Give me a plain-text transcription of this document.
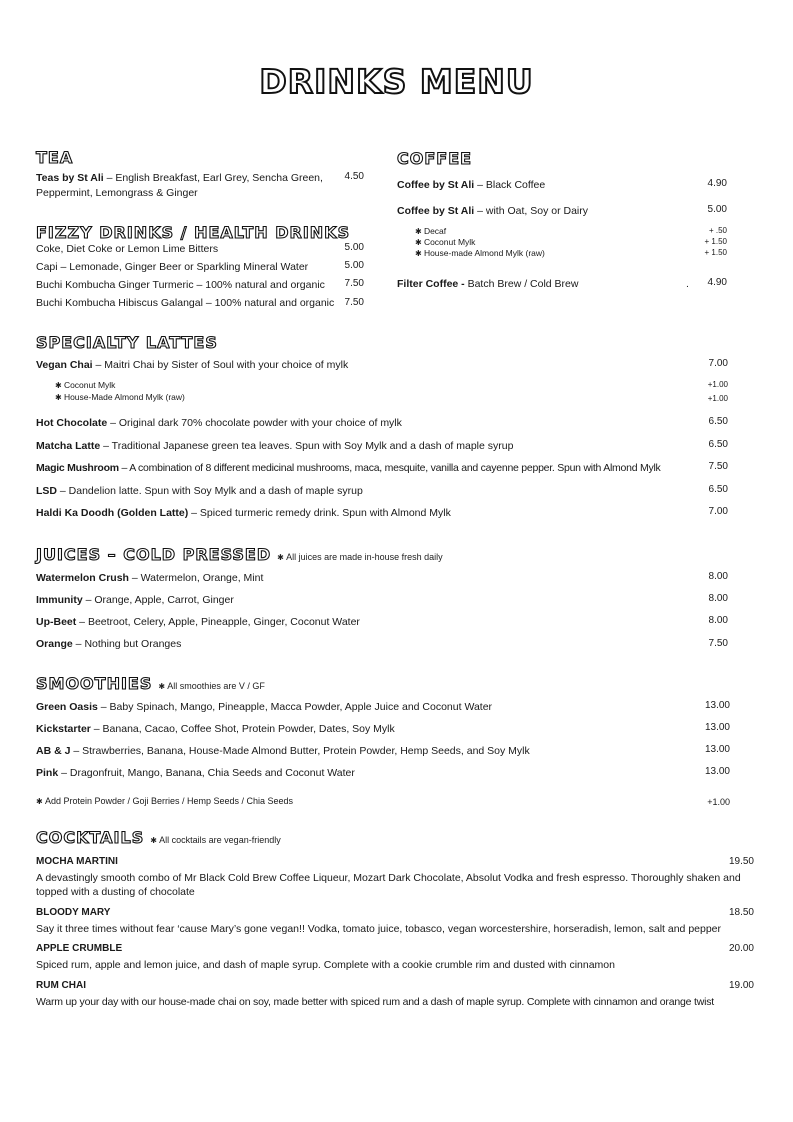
DRINKS MENU
TEA
Teas by St Ali – English Breakfast, Earl Grey, Sencha Green,
Peppermint, Lemongrass & Ginger
4.50
FIZZY DRINKS / HEALTH DRINKS
Coke, Diet Coke or Lemon Lime Bitters	5.00
Capi – Lemonade, Ginger Beer or Sparkling Mineral Water	5.00
Buchi Kombucha Ginger Turmeric – 100% natural and organic	7.50
Buchi Kombucha Hibiscus Galangal – 100% natural and organic	7.50
COFFEE
Coffee by St Ali – Black Coffee	4.90
Coffee by St Ali – with Oat, Soy or Dairy	5.00
✱ Decaf	+ .50
✱ Coconut Mylk	+ 1.50
✱ House-made Almond Mylk (raw)	+ 1.50
Filter Coffee - Batch Brew / Cold Brew	.	4.90
SPECIALTY LATTES
Vegan Chai – Maitri Chai by Sister of Soul with your choice of mylk	7.00
✱ Coconut Mylk	+1.00
✱ House-Made Almond Mylk (raw)	+1.00
Hot Chocolate – Original dark 70% chocolate powder with your choice of mylk	6.50
Matcha Latte – Traditional Japanese green tea leaves. Spun with Soy Mylk and a dash of maple syrup	6.50
Magic Mushroom – A combination of 8 different medicinal mushrooms, maca, mesquite, vanilla and cayenne pepper. Spun with Almond Mylk	7.50
LSD – Dandelion latte. Spun with Soy Mylk and a dash of maple syrup	6.50
Haldi Ka Doodh (Golden Latte) – Spiced turmeric remedy drink. Spun with Almond Mylk	7.00
JUICES – COLD PRESSED ✱ All juices are made in-house fresh daily
Watermelon Crush – Watermelon, Orange, Mint	8.00
Immunity – Orange, Apple, Carrot, Ginger	8.00
Up-Beet – Beetroot, Celery, Apple, Pineapple, Ginger, Coconut Water	8.00
Orange – Nothing but Oranges	7.50
SMOOTHIES ✱ All smoothies are V / GF
Green Oasis – Baby Spinach, Mango, Pineapple, Macca Powder, Apple Juice and Coconut Water	13.00
Kickstarter – Banana, Cacao, Coffee Shot, Protein Powder, Dates, Soy Mylk	13.00
AB & J – Strawberries, Banana, House-Made Almond Butter, Protein Powder, Hemp Seeds, and Soy Mylk	13.00
Pink – Dragonfruit, Mango, Banana, Chia Seeds and Coconut Water	13.00
✱ Add Protein Powder / Goji Berries / Hemp Seeds / Chia Seeds	+1.00
COCKTAILS ✱ All cocktails are vegan-friendly
MOCHA MARTINI	19.50
A devastingly smooth combo of Mr Black Cold Brew Coffee Liqueur, Mozart Dark Chocolate, Absolut Vodka and fresh espresso. Thoroughly shaken and topped with a dusting of chocolate
BLOODY MARY	18.50
Say it three times without fear ‘cause Mary’s gone vegan!! Vodka, tomato juice, tobasco, vegan worcestershire, horseradish, lemon, salt and pepper
APPLE CRUMBLE	20.00
Spiced rum, apple and lemon juice, and dash of maple syrup. Complete with a cookie crumble rim and dusted with cinnamon
RUM CHAI	19.00
Warm up your day with our house-made chai on soy, made better with spiced rum and a dash of maple syrup. Complete with cinnamon and orange twist
